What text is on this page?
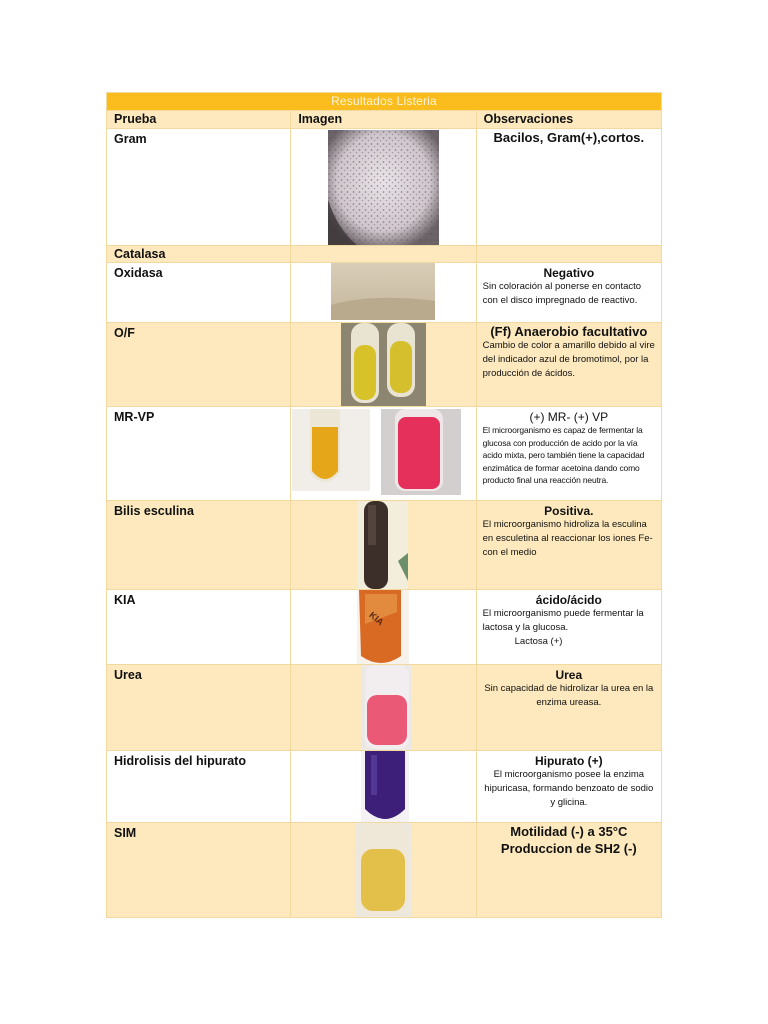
Resultados Listeria		
Prueba	Imagen	Observaciones

Gram		Bacilos, Gram(+),cortos.

Catalasa		

Oxidasa		Negativo
Sin coloración al ponerse en contacto con el disco impregnado de reactivo.

O/F		(Ff) Anaerobio facultativo
Cambio de color a amarillo debido al vire del indicador azul de bromotimol, por la producción de ácidos.

MR-VP		(+) MR- (+) VP
El microorganismo es capaz de fermentar la glucosa con producción de acido por la vía acido mixta, pero también tiene la capacidad enzimática de formar acetoina dando como producto final una reacción neutra.

Bilis esculina		Positiva.
El microorganismo hidroliza la esculina en esculetina al reaccionar los iones Fe- con el medio

KIA	KIA	ácido/ácido
El microorganismo puede fermentar la lactosa y la glucosa.
Lactosa (+)

Urea		Urea
Sin capacidad de hidrolizar la urea en la enzima ureasa.

Hidrolisis del hipurato		Hipurato (+)
El microorganismo posee la enzima hipuricasa, formando benzoato de sodio y glicina.

SIM		Motilidad (-) a 35°C
Produccion de SH2 (-)
